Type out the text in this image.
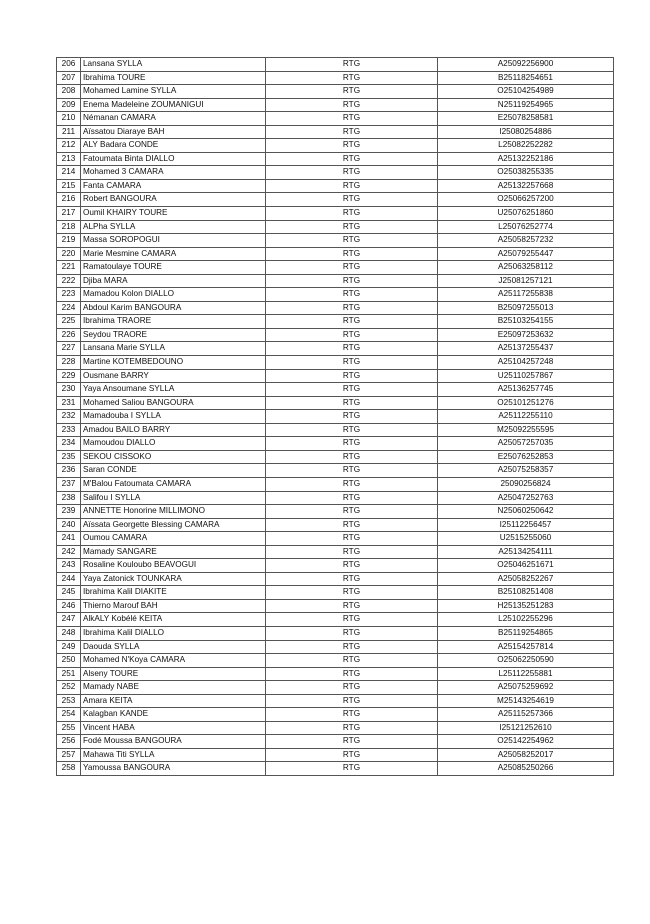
206	Lansana SYLLA	RTG	A25092256900
207	Ibrahima TOURE	RTG	B25118254651
208	Mohamed Lamine SYLLA	RTG	O25104254989
209	Enema Madeleine ZOUMANIGUI	RTG	N25119254965
210	Némanan CAMARA	RTG	E25078258581
211	Aïssatou Diaraye BAH	RTG	I25080254886
212	ALY Badara CONDE	RTG	L25082252282
213	Fatoumata Binta DIALLO	RTG	A25132252186
214	Mohamed 3 CAMARA	RTG	O25038255335
215	Fanta CAMARA	RTG	A25132257668
216	Robert BANGOURA	RTG	O25066257200
217	Oumil KHAIRY TOURE	RTG	U25076251860
218	ALPha SYLLA	RTG	L25076252774
219	Massa SOROPOGUI	RTG	A25058257232
220	Marie Mesmine CAMARA	RTG	A25079255447
221	Ramatoulaye TOURE	RTG	A25063258112
222	Djiba MARA	RTG	J25081257121
223	Mamadou Kolon DIALLO	RTG	A25117255838
224	Abdoul Karim BANGOURA	RTG	B25097255013
225	Ibrahima TRAORE	RTG	B25103254155
226	Seydou TRAORE	RTG	E25097253632
227	Lansana Marie SYLLA	RTG	A25137255437
228	Martine KOTEMBEDOUNO	RTG	A25104257248
229	Ousmane BARRY	RTG	U25110257867
230	Yaya Ansoumane SYLLA	RTG	A25136257745
231	Mohamed Saliou BANGOURA	RTG	O25101251276
232	Mamadouba I SYLLA	RTG	A25112255110
233	Amadou BAILO BARRY	RTG	M25092255595
234	Mamoudou DIALLO	RTG	A25057257035
235	SEKOU CISSOKO	RTG	E25076252853
236	Saran CONDE	RTG	A25075258357
237	M'Balou Fatoumata CAMARA	RTG	25090256824
238	Salifou I SYLLA	RTG	A25047252763
239	ANNETTE Honorine MILLIMONO	RTG	N25060250642
240	Aïssata Georgette Blessing CAMARA	RTG	I25112256457
241	Oumou CAMARA	RTG	U2515255060
242	Mamady SANGARE	RTG	A25134254111
243	Rosaline Kouloubo BEAVOGUI	RTG	O25046251671
244	Yaya Zatonick TOUNKARA	RTG	A25058252267
245	Ibrahima Kalil DIAKITE	RTG	B25108251408
246	Thierno Marouf BAH	RTG	H25135251283
247	AlkALY Kobélé KEITA	RTG	L25102255296
248	Ibrahima Kalil DIALLO	RTG	B25119254865
249	Daouda SYLLA	RTG	A25154257814
250	Mohamed N'Koya CAMARA	RTG	O25062250590
251	Alseny TOURE	RTG	L25112255881
252	Mamady NABE	RTG	A25075259692
253	Amara KEITA	RTG	M25143254619
254	Kalagban KANDE	RTG	A25115257366
255	Vincent HABA	RTG	I25121252610
256	Fodé Moussa BANGOURA	RTG	O25142254962
257	Mahawa Titi SYLLA	RTG	A25058252017
258	Yamoussa BANGOURA	RTG	A25085250266
